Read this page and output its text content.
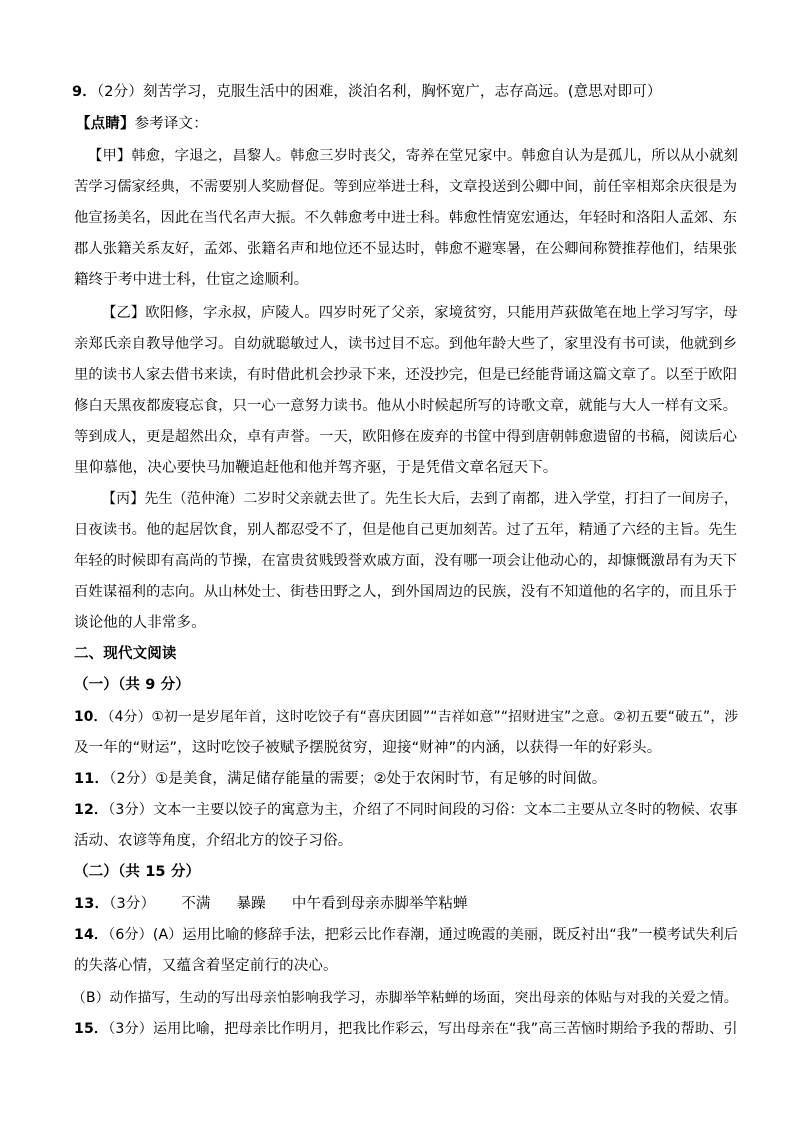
9．（2分）刻苦学习，克服生活中的困难，淡泊名利，胸怀宽广，志存高远。(意思对即可）
【点睛】参考译文：
【甲】韩愈，字退之，昌黎人。韩愈三岁时丧父，寄养在堂兄家中。韩愈自认为是孤儿，所以从小就刻
苦学习儒家经典，不需要别人奖励督促。等到应举进士科，文章投送到公卿中间，前任宰相郑余庆很是为
他宣扬美名，因此在当代名声大振。不久韩愈考中进士科。韩愈性情宽宏通达，年轻时和洛阳人孟郊、东
郡人张籍关系友好，孟郊、张籍名声和地位还不显达时，韩愈不避寒暑，在公卿间称赞推荐他们，结果张
籍终于考中进士科，仕宦之途顺利。
【乙】欧阳修，字永叔，庐陵人。四岁时死了父亲，家境贫穷，只能用芦荻做笔在地上学习写字，母
亲郑氏亲自教导他学习。自幼就聪敏过人，读书过目不忘。到他年龄大些了，家里没有书可读，他就到乡
里的读书人家去借书来读，有时借此机会抄录下来，还没抄完，但是已经能背诵这篇文章了。以至于欧阳
修白天黑夜都废寝忘食，只一心一意努力读书。他从小时候起所写的诗歌文章，就能与大人一样有文采。
等到成人，更是超然出众，卓有声誉。一天，欧阳修在废弃的书筐中得到唐朝韩愈遗留的书稿，阅读后心
里仰慕他，决心要快马加鞭追赶他和他并驾齐驱，于是凭借文章名冠天下。
【丙】先生（范仲淹）二岁时父亲就去世了。先生长大后，去到了南都，进入学堂，打扫了一间房子，
日夜读书。他的起居饮食，别人都忍受不了，但是他自己更加刻苦。过了五年，精通了六经的主旨。先生
年轻的时候即有高尚的节操，在富贵贫贱毁誉欢戚方面，没有哪一项会让他动心的，却慷慨激昂有为天下
百姓谋福利的志向。从山林处士、街巷田野之人，到外国周边的民族，没有不知道他的名字的，而且乐于
谈论他的人非常多。
二、现代文阅读
（一）（共 9 分）
10．（4分）①初一是岁尾年首，这时吃饺子有“喜庆团圆”“吉祥如意”“招财进宝”之意。②初五要“破五”，涉
及一年的“财运”，这时吃饺子被赋予摆脱贫穷，迎接“财神”的内涵，以获得一年的好彩头。
11．（2分）①是美食，满足储存能量的需要；②处于农闲时节，有足够的时间做。
12．（3分）文本一主要以饺子的寓意为主，介绍了不同时间段的习俗：文本二主要从立冬时的物候、农事
活动、农谚等角度，介绍北方的饺子习俗。
（二）（共 15 分）
13．（3分） 不满 暴躁 中午看到母亲赤脚举竿粘蝉
14．（6分）(A）运用比喻的修辞手法，把彩云比作春潮，通过晚霞的美丽，既反衬出“我”一模考试失利后
的失落心情，又蕴含着坚定前行的决心。
（B）动作描写，生动的写出母亲怕影响我学习，赤脚举竿粘蝉的场面，突出母亲的体贴与对我的关爱之情。
15．（3分）运用比喻，把母亲比作明月，把我比作彩云，写出母亲在“我”高三苦恼时期给予我的帮助、引
